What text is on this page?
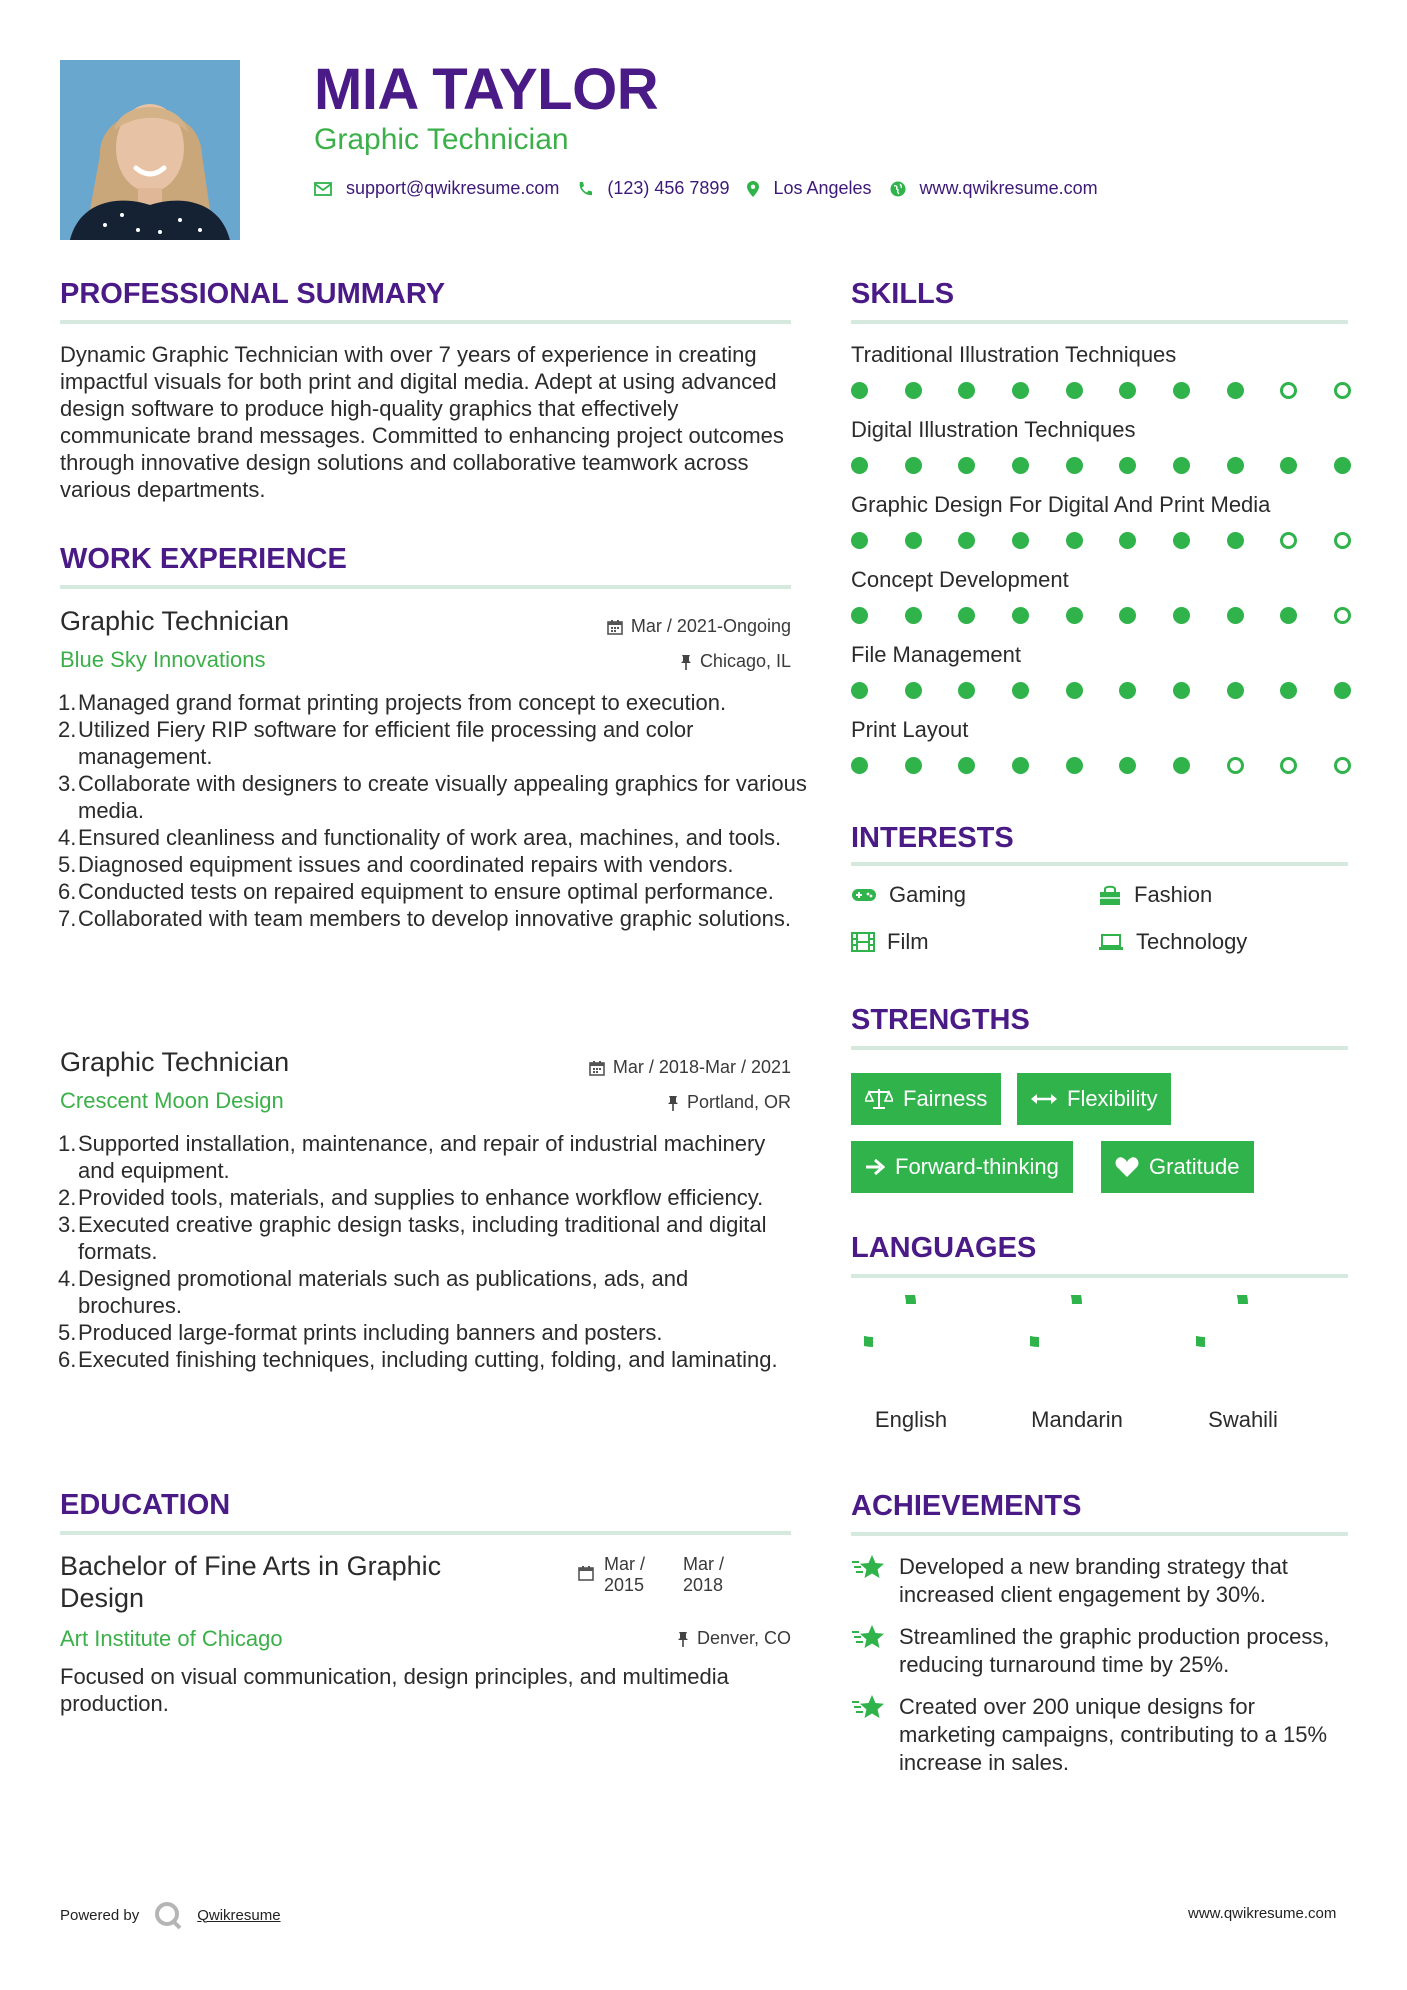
MIA TAYLOR
Graphic Technician
support@qwikresume.com	(123) 456 7899 Los Angeles	www.qwikresume.com
PROFESSIONAL SUMMARY
Dynamic Graphic Technician with over 7 years of experience in creating impactful visuals for both print and digital media. Adept at using advanced design software to produce high-quality graphics that effectively communicate brand messages. Committed to enhancing project outcomes through innovative design solutions and collaborative teamwork across various departments.
WORK EXPERIENCE
Graphic Technician
Blue Sky Innovations
Mar / 2021-Ongoing
Chicago, IL
1. Managed grand format printing projects from concept to execution.
2. Utilized Fiery RIP software for efficient file processing and color management.
3. Collaborate with designers to create visually appealing graphics for various media.
4. Ensured cleanliness and functionality of work area, machines, and tools.
5. Diagnosed equipment issues and coordinated repairs with vendors.
6. Conducted tests on repaired equipment to ensure optimal performance.
7. Collaborated with team members to develop innovative graphic solutions.
Graphic Technician
Crescent Moon Design
Mar / 2018-Mar / 2021
Portland, OR
1. Supported installation, maintenance, and repair of industrial machinery and equipment.
2. Provided tools, materials, and supplies to enhance workflow efficiency.
3. Executed creative graphic design tasks, including traditional and digital formats.
4. Designed promotional materials such as publications, ads, and brochures.
5. Produced large-format prints including banners and posters.
6. Executed finishing techniques, including cutting, folding, and laminating.
EDUCATION
Bachelor of Fine Arts in Graphic Design
Art Institute of Chicago
Mar /
2015
Mar /
2018
Denver, CO
Focused on visual communication, design principles, and multimedia production.
SKILLS
Traditional Illustration Techniques
Digital Illustration Techniques
Graphic Design For Digital And Print Media
Concept Development
File Management
Print Layout
INTERESTS
Gaming	Fashion
Film	Technology
STRENGTHS
Fairness	Flexibility
Forward-thinking	Gratitude
LANGUAGES
English	Mandarin	Swahili
ACHIEVEMENTS
Developed a new branding strategy that increased client engagement by 30%.
Streamlined the graphic production process, reducing turnaround time by 25%.
Created over 200 unique designs for marketing campaigns, contributing to a 15% increase in sales.
Powered by	Qwikresume	www.qwikresume.com
